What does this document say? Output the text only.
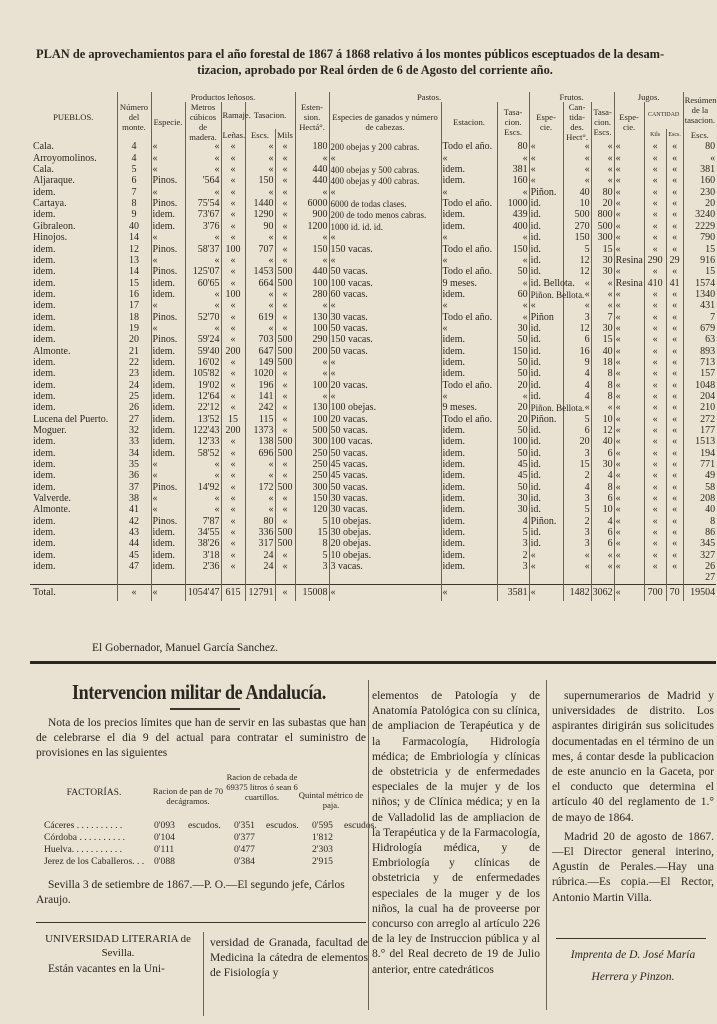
PLAN de aprovechamientos para el año forestal de 1867 á 1868 relativo á los montes públicos esceptuados de la desam-

tizacion, aprobado por Real órden de 6 de Agosto del corriente año.
PUEBLOS.	Número del monte.	Productos leñosos.					Esten- sion. Hectá°.	Pastos.			Frutos.			Jugos.			Resúmen de la tasacion.
		Especie.	Metros cúbicos de madera.	Ramaje.	Tasacion.			Especies de ganados y número de cabezas.	Estacion.	Tasa- cion. Escs.	Espe- cie.	Can- tida- des. Hect°.	Tasa- cion. Escs.	Espe- cie.	CANTIDAD		
				Leñas.	Escs.	Mils									Kils	Escs.	Escs.
Cala.	4	«	«	«	«	«	180	200 obejas y 200 cabras.	Todo el año.	80	«	«	«	«	«	«	80
Arroyomolinos.	4	«	«	«	«	«	«	«	«	«	«	«	«	«	«	«	«
Cala.	5	«	«	«	«	«	440	400 obejas y 500 cabras.	idem.	381	«	«	«	«	«	«	381
Aljaraque.	6	Pinos.	'564	«	150	«	440	400 obejas y 400 cabras.	idem.	160	«	«	«	«	«	«	160
idem.	7	«	«	«	«	«	«	«	«	«	Piñon.	40	80	«	«	«	230
Cartaya.	8	Pinos.	75'54	«	1440	«	6000	6000 de todas clases.	Todo el año.	1000	id.	10	20	«	«	«	20
idem.	9	idem.	73'67	«	1290	«	900	200 de todo menos cabras.	idem.	439	id.	500	800	«	«	«	3240
Gibraleon.	40	idem.	3'76	«	90	«	1200	1000 id. id. id.	idem.	400	id.	270	500	«	«	«	2229
Hinojos.	14	«	«	«	«	«	«	«	«	«	id.	150	300	«	«	«	790
idem.	12	Pinos.	58'37	100	707	«	150	150 vacas.	Todo el año.	150	id.	5	15	«	«	«	15
idem.	13	«	«	«	«	«	«	«	«	«	id.	12	30	Resina	290	29	916
idem.	14	Pinos.	125'07	«	1453	500	440	50 vacas.	Todo el año.	50	id.	12	30	«	«	«	15
idem.	15	idem.	60'65	«	664	500	100	100 vacas.	9 meses.	«	id. Bellota.	«	«	Resina	410	41	1574
idem.	16	idem.	«	100	«	«	280	60 vacas.	idem.	60	Piñon. Bellota.	«	«	«	«	«	1340
idem.	17	«	«	«	«	«	«	«	«	«	«	«	«	«	«	«	431
idem.	18	Pinos.	52'70	«	619	«	130	30 vacas.	Todo el año.	«	Piñon	3	7	«	«	«	7
idem.	19	«	«	«	«	«	100	50 vacas.	«	30	id.	12	30	«	«	«	679
idem.	20	Pinos.	59'24	«	703	500	290	150 vacas.	idem.	50	id.	6	15	«	«	«	63
Almonte.	21	idem.	59'40	200	647	500	200	50 vacas.	idem.	150	id.	16	40	«	«	«	893
idem.	22	idem.	16'02	«	149	500	«	«	idem.	50	id.	9	18	«	«	«	713
idem.	23	idem.	105'82	«	1020	«	«	«	idem.	50	id.	4	8	«	«	«	157
idem.	24	idem.	19'02	«	196	«	100	20 vacas.	Todo el año.	20	id.	4	8	«	«	«	1048
idem.	25	idem.	12'64	«	141	«	«	«	«	«	id.	4	8	«	«	«	204
idem.	26	idem.	22'12	«	242	«	130	100 obejas.	9 meses.	20	Piñon. Bellota.	«	«	«	«	«	210
Lucena del Puerto.	27	idem.	13'52	15	115	«	100	20 vacas.	Todo el año.	20	Piñon.	5	10	«	«	«	272
Moguer.	32	idem.	122'43	200	1373	«	500	50 vacas.	idem.	50	id.	6	12	«	«	«	177
idem.	33	idem.	12'33	«	138	500	300	100 vacas.	idem.	100	id.	20	40	«	«	«	1513
idem.	34	idem.	58'52	«	696	500	250	50 vacas.	idem.	50	id.	3	6	«	«	«	194
idem.	35	«	«	«	«	«	250	45 vacas.	idem.	45	id.	15	30	«	«	«	771
idem.	36	«	«	«	«	«	250	45 vacas.	idem.	45	id.	2	4	«	«	«	49
idem.	37	Pinos.	14'92	«	172	500	300	50 vacas.	idem.	50	id.	4	8	«	«	«	58
Valverde.	38	«	«	«	«	«	150	30 vacas.	idem.	30	id.	3	6	«	«	«	208
Almonte.	41	«	«	«	«	«	120	30 vacas.	idem.	30	id.	5	10	«	«	«	40
idem.	42	Pinos.	7'87	«	80	«	5	10 obejas.	idem.	4	Piñon.	2	4	«	«	«	8
idem.	43	idem.	34'55	«	336	500	15	30 obejas.	idem.	5	id.	3	6	«	«	«	86
idem.	44	idem.	38'26	«	317	500	8	20 obejas.	idem.	3	id.	3	6	«	«	«	345
idem.	45	idem.	3'18	«	24	«	5	10 obejas.	idem.	2	«	«	«	«	«	«	327
idem.	47	idem.	2'36	«	24	«	3	3 vacas.	idem.	3	«	«	«	«	«	«	26
																	27
Total.	«	«	1054'47	615	12791	«	15008	«	«	3581	«	1482	3062	«	700	70	19504
El Gobernador, Manuel García Sanchez.
Intervencion militar de Andalucía.
Nota de los precios límites que han de servir en las subastas que han de celebrarse el dia 9 del actual para contratar el suministro de provisiones en las siguientes
FACTORÍAS.	Racion de pan de 70 decágramos.
Racion de cebada de 69375 litros ó sean 6 cuartillos.	Quintal métrico de paja.
Cáceres . . . . . . . . . .	0'093 escudos. 0'351 escudos. 0'595 escudos.
Córdoba . . . . . . . . . .	0'104	0'377	1'812
Huelva. . . . . . . . . . .	0'111	0'477	2'303
Jerez de los Caballeros. . . 0'088	0'384	2'915
Sevilla 3 de setiembre de 1867.—P. O.—El segundo jefe, Cárlos Araujo.
UNIVERSIDAD LITERARIA de Sevilla.
Están vacantes en la Uni-
versidad de Granada, facultad de Medicina la cátedra de elementos de Fisiología y
elementos de Patología y de Anatomía Patológica con su clínica, de ampliacion de Terapéutica y de la Farmacología, Hidrología médica; de Embriología y clínicas de obstetricia y de enfermedades especiales de la mujer y de los niños; y de Clínica médica; y en la de Valladolid las de ampliacion de la Terapéutica y de la Farmacología, Hidrología médica, y de Embriología y clínicas de obstetricia y de enfermedades especiales de la muger y de los niños, la cual ha de proveerse por concurso con arreglo al artículo 226 de la ley de Instruccion pública y al 8.° del Real decreto de 19 de Julio anterior, entre catedráticos
supernumerarios de Madrid y universidades de distrito. Los aspirantes dirigirán sus solicitudes documentadas en el término de un mes, á contar desde la publicacion de este anuncio en la Gaceta, por el conducto que determina el artículo 40 del reglamento de 1.° de mayo de 1864.
Madrid 20 de agosto de 1867. —El Director general interino, Agustin de Perales.—Hay una rúbrica.—Es copia.—El Rector, Antonio Martin Villa.
Imprenta de D. José María
Herrera y Pinzon.
